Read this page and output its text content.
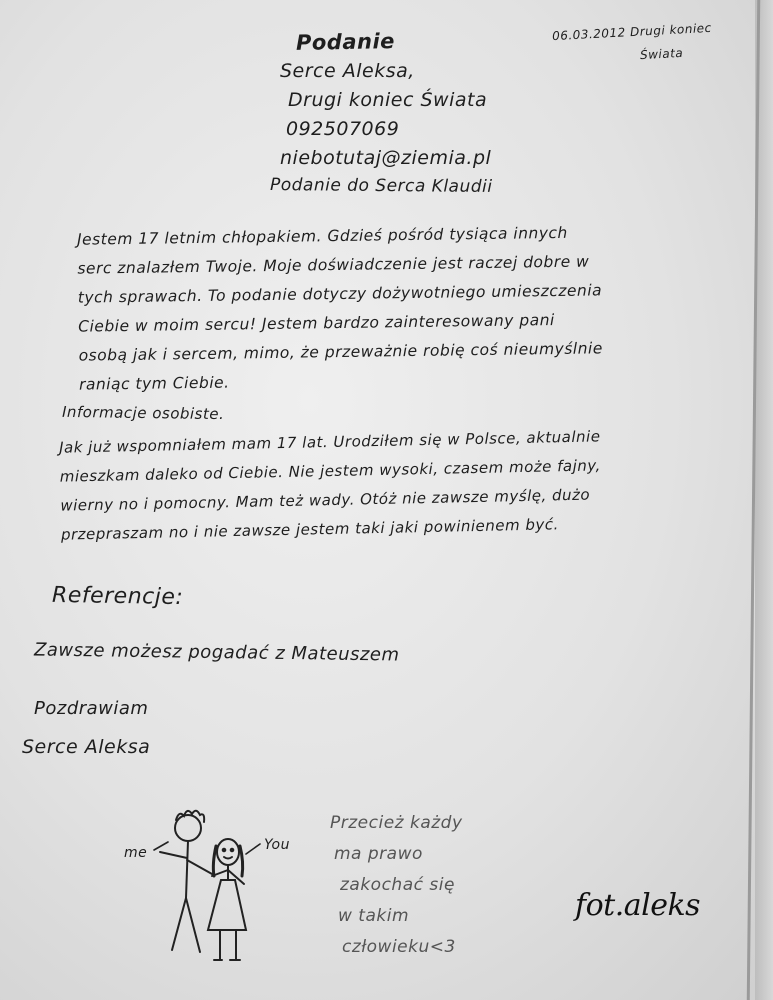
Podanie	06.03.2012 Drugi koniec

Świata

Serce Aleksa,

Drugi koniec Świata

092507069

niebotutaj@ziemia.pl

Podanie do Serca Klaudii

Jestem 17 letnim chłopakiem. Gdzieś pośród tysiąca innych

serc znalazłem Twoje. Moje doświadczenie jest raczej dobre w

tych sprawach. To podanie dotyczy dożywotniego umieszczenia

Ciebie w moim sercu! Jestem bardzo zainteresowany pani

osobą jak i sercem, mimo, że przeważnie robię coś nieumyślnie

raniąc tym Ciebie.

Informacje osobiste.

Jak już wspomniałem mam 17 lat. Urodziłem się w Polsce, aktualnie

mieszkam daleko od Ciebie. Nie jestem wysoki, czasem może fajny,

wierny no i pomocny. Mam też wady. Otóż nie zawsze myślę, dużo

przepraszam no i nie zawsze jestem taki jaki powinienem być.

Referencje:

Zawsze możesz pogadać z Mateuszem

Pozdrawiam

Serce Aleksa

me	You

Przecież każdy

ma prawo

zakochać się

w takim

człowieku<3

fot.aleks
